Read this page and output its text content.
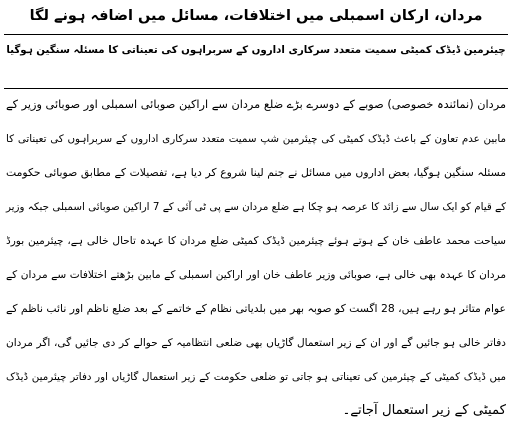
مردان، ارکان اسمبلی میں اختلافات، مسائل میں اضافہ ہونے لگا
چیئرمین ڈیڈک کمیٹی سمیت متعدد سرکاری اداروں کے سربراہوں کی تعیناتی کا مسئلہ سنگین ہوگیا
مردان (نمائندہ خصوصی) صوبے کے دوسرے بڑے ضلع مردان سے اراکین صوبائی اسمبلی اور صوبائی وزیر کے
مابین عدم تعاون کے باعث ڈیڈک کمیٹی کی چیئرمین شپ سمیت متعدد سرکاری اداروں کے سربراہوں کی تعیناتی کا
مسئلہ سنگین ہوگیا، بعض اداروں میں مسائل نے جنم لینا شروع کر دیا ہے، تفصیلات کے مطابق صوبائی حکومت
کے قیام کو ایک سال سے زائد کا عرصہ ہو چکا ہے ضلع مردان سے پی ٹی آئی کے 7 اراکین صوبائی اسمبلی جبکہ وزیر
سیاحت محمد عاطف خان کے ہوتے ہوئے چیئرمین ڈیڈک کمیٹی ضلع مردان کا عہدہ تاحال خالی ہے، چیئرمین بورڈ
مردان کا عہدہ بھی خالی ہے، صوبائی وزیر عاطف خان اور اراکین اسمبلی کے مابین بڑھتے اختلافات سے مردان کے
عوام متاثر ہو رہے ہیں، 28 اگست کو صوبہ بھر میں بلدیاتی نظام کے خاتمے کے بعد ضلع ناظم اور نائب ناظم کے
دفاتر خالی ہو جائیں گے اور ان کے زیر استعمال گاڑیاں بھی ضلعی انتظامیہ کے حوالے کر دی جائیں گی، اگر مردان
میں ڈیڈک کمیٹی کے چیئرمین کی تعیناتی ہو جاتی تو ضلعی حکومت کے زیر استعمال گاڑیاں اور دفاتر چیئرمین ڈیڈک
کمیٹی کے زیر استعمال آجاتے۔
